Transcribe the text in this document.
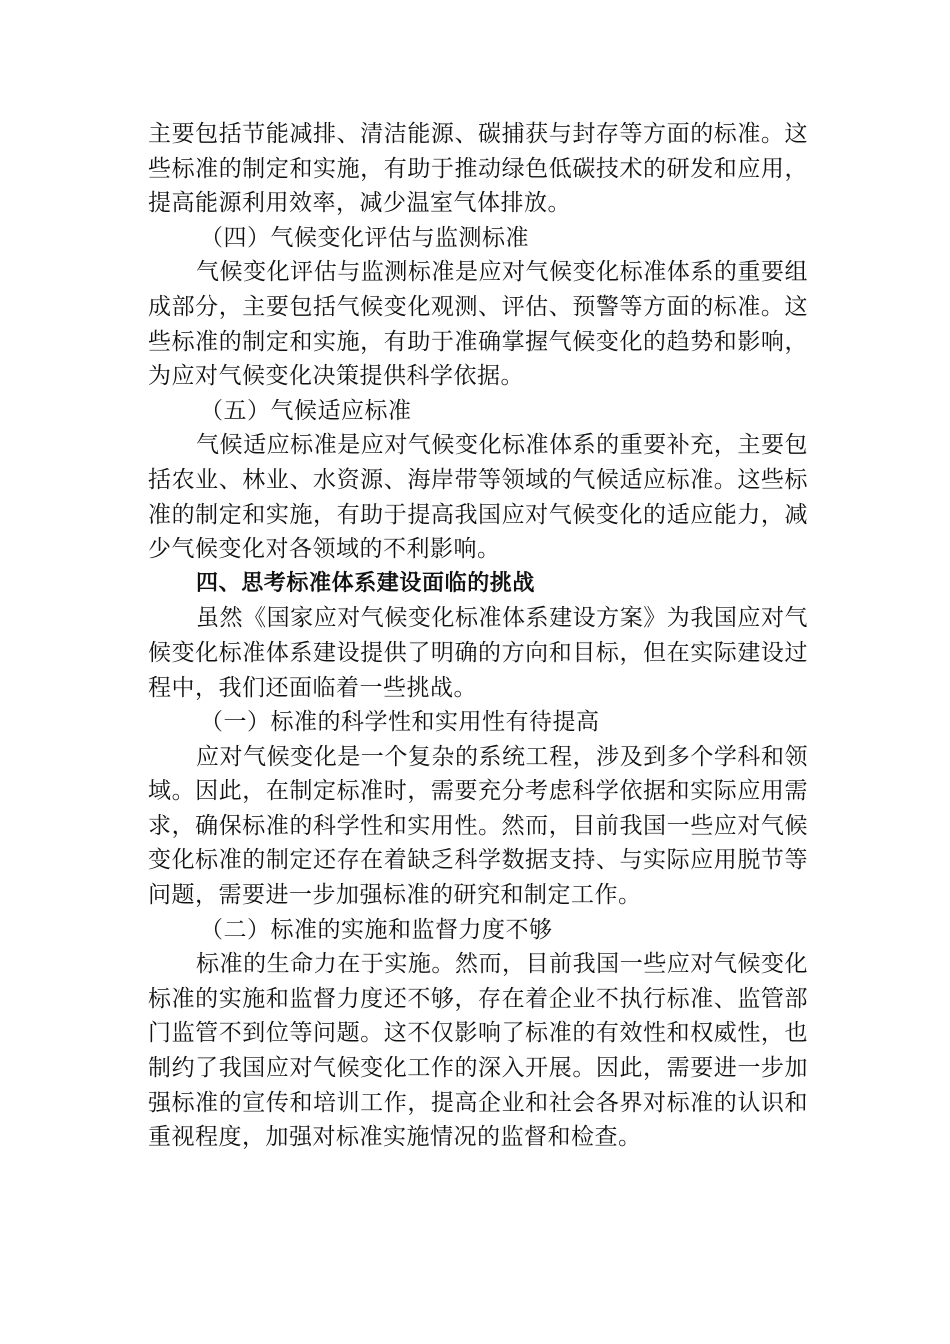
主要包括节能减排、清洁能源、碳捕获与封存等方面的标准。这些标准的制定和实施，有助于推动绿色低碳技术的研发和应用，提高能源利用效率，减少温室气体排放。

（四）气候变化评估与监测标准

气候变化评估与监测标准是应对气候变化标准体系的重要组成部分，主要包括气候变化观测、评估、预警等方面的标准。这些标准的制定和实施，有助于准确掌握气候变化的趋势和影响，为应对气候变化决策提供科学依据。

（五）气候适应标准

气候适应标准是应对气候变化标准体系的重要补充，主要包括农业、林业、水资源、海岸带等领域的气候适应标准。这些标准的制定和实施，有助于提高我国应对气候变化的适应能力，减少气候变化对各领域的不利影响。

四、思考标准体系建设面临的挑战

虽然《国家应对气候变化标准体系建设方案》为我国应对气候变化标准体系建设提供了明确的方向和目标，但在实际建设过程中，我们还面临着一些挑战。

（一）标准的科学性和实用性有待提高

应对气候变化是一个复杂的系统工程，涉及到多个学科和领域。因此，在制定标准时，需要充分考虑科学依据和实际应用需求，确保标准的科学性和实用性。然而，目前我国一些应对气候变化标准的制定还存在着缺乏科学数据支持、与实际应用脱节等问题，需要进一步加强标准的研究和制定工作。

（二）标准的实施和监督力度不够

标准的生命力在于实施。然而，目前我国一些应对气候变化标准的实施和监督力度还不够，存在着企业不执行标准、监管部门监管不到位等问题。这不仅影响了标准的有效性和权威性，也制约了我国应对气候变化工作的深入开展。因此，需要进一步加强标准的宣传和培训工作，提高企业和社会各界对标准的认识和重视程度，加强对标准实施情况的监督和检查。
